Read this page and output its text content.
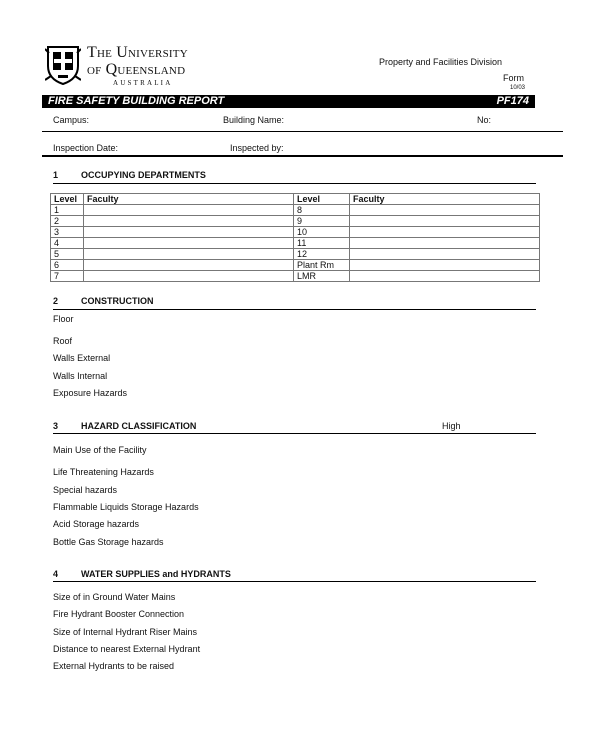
The University
of Queensland
AUSTRALIA
Property and Facilities Division
Form
10/03
FIRE SAFETY BUILDING REPORT	PF174
Campus:	Building Name:	No:
Inspection Date:	Inspected by:
1	OCCUPYING DEPARTMENTS
Level	Faculty	Level	Faculty
1		8	
2		9	
3		10	
4		11	
5		12	
6		Plant Rm	
7		LMR	
2	CONSTRUCTION
Floor
Roof
Walls External
Walls Internal
Exposure Hazards
3	HAZARD CLASSIFICATION	High
Main Use of the Facility
Life Threatening Hazards
Special hazards
Flammable Liquids Storage Hazards
Acid Storage hazards
Bottle Gas Storage hazards
4	WATER SUPPLIES and HYDRANTS
Size of in Ground Water Mains
Fire Hydrant Booster Connection
Size of Internal Hydrant Riser Mains
Distance to nearest External Hydrant
External Hydrants to be raised
